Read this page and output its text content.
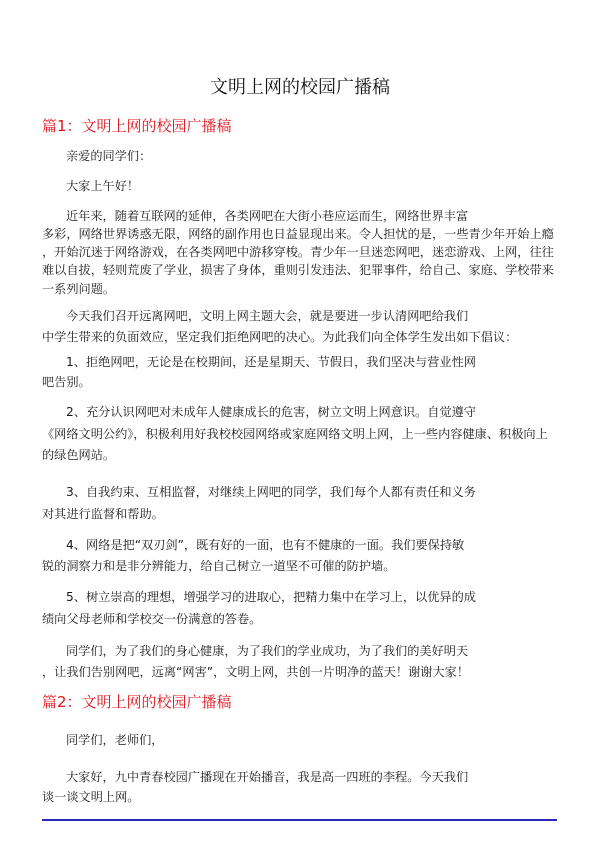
文明上网的校园广播稿
篇1：文明上网的校园广播稿
亲爱的同学们：
大家上午好！
近年来，随着互联网的延伸，各类网吧在大街小巷应运而生，网络世界丰富
多彩，网络世界诱惑无限，网络的副作用也日益显现出来。令人担忧的是，一些青少年开始上瘾
，开始沉迷于网络游戏，在各类网吧中游移穿梭。青少年一旦迷恋网吧，迷恋游戏、上网，往往
难以自拔，轻则荒废了学业，损害了身体，重则引发违法、犯罪事件，给自己、家庭、学校带来
一系列问题。
今天我们召开远离网吧，文明上网主题大会，就是要进一步认清网吧给我们
中学生带来的负面效应，坚定我们拒绝网吧的决心。为此我们向全体学生发出如下倡议：
1、拒绝网吧，无论是在校期间，还是星期天、节假日，我们坚决与营业性网
吧告别。
2、充分认识网吧对未成年人健康成长的危害，树立文明上网意识。自觉遵守
《网络文明公约》，积极利用好我校校园网络或家庭网络文明上网，上一些内容健康、积极向上
的绿色网站。
3、自我约束、互相监督，对继续上网吧的同学，我们每个人都有责任和义务
对其进行监督和帮助。
4、网络是把“双刃剑”，既有好的一面，也有不健康的一面。我们要保持敏
锐的洞察力和是非分辨能力，给自己树立一道坚不可催的防护墙。
5、树立崇高的理想，增强学习的进取心，把精力集中在学习上，以优异的成
绩向父母老师和学校交一份满意的答卷。
同学们，为了我们的身心健康，为了我们的学业成功，为了我们的美好明天
，让我们告别网吧，远离“网害”，文明上网，共创一片明净的蓝天！谢谢大家！
篇2：文明上网的校园广播稿
同学们，老师们，
大家好，九中青春校园广播现在开始播音，我是高一四班的李程。今天我们
谈一谈文明上网。
